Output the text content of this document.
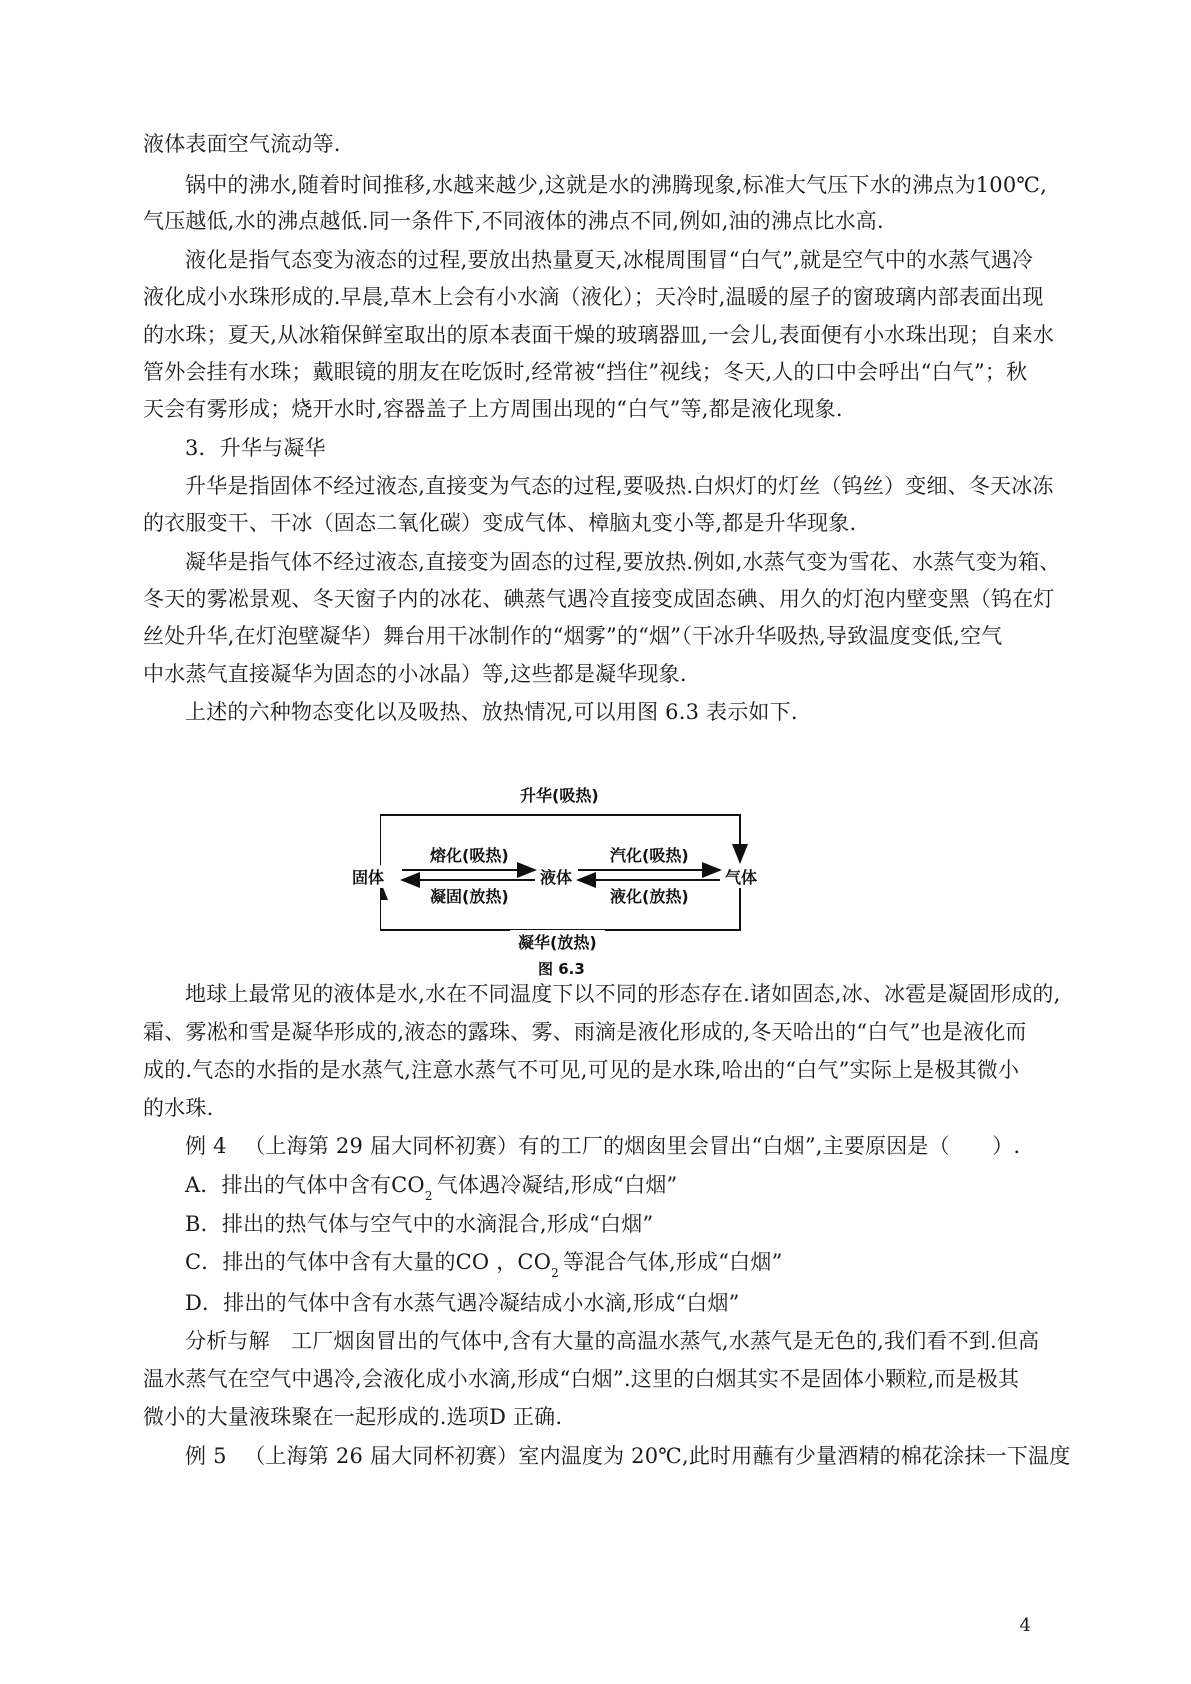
液体表面空气流动等.
锅中的沸水,随着时间推移,水越来越少,这就是水的沸腾现象,标准大气压下水的沸点为100℃,
气压越低,水的沸点越低.同一条件下,不同液体的沸点不同,例如,油的沸点比水高.
液化是指气态变为液态的过程,要放出热量夏天,冰棍周围冒“白气”,就是空气中的水蒸气遇冷
液化成小水珠形成的.早晨,草木上会有小水滴（液化）；天冷时,温暖的屋子的窗玻璃内部表面出现
的水珠；夏天,从冰箱保鲜室取出的原本表面干燥的玻璃器皿,一会儿,表面便有小水珠出现；自来水
管外会挂有水珠；戴眼镜的朋友在吃饭时,经常被“挡住”视线；冬天,人的口中会呼出“白气”；秋
天会有雾形成；烧开水时,容器盖子上方周围出现的“白气”等,都是液化现象.
3．升华与凝华
升华是指固体不经过液态,直接变为气态的过程,要吸热.白炽灯的灯丝（钨丝）变细、冬天冰冻
的衣服变干、干冰（固态二氧化碳）变成气体、樟脑丸变小等,都是升华现象.
凝华是指气体不经过液态,直接变为固态的过程,要放热.例如,水蒸气变为雪花、水蒸气变为箱、
冬天的雾凇景观、冬天窗子内的冰花、碘蒸气遇冷直接变成固态碘、用久的灯泡内壁变黑（钨在灯
丝处升华,在灯泡壁凝华）舞台用干冰制作的“烟雾”的“烟”（干冰升华吸热,导致温度变低,空气
中水蒸气直接凝华为固态的小冰晶）等,这些都是凝华现象.
上述的六种物态变化以及吸热、放热情况,可以用图 6.3 表示如下.
升华(吸热)
固体	液体	气体
熔化(吸热)
凝固(放热)
汽化(吸热)
液化(放热)
凝华(放热)
图 6.3
地球上最常见的液体是水,水在不同温度下以不同的形态存在.诸如固态,冰、冰雹是凝固形成的,
霜、雾凇和雪是凝华形成的,液态的露珠、雾、雨滴是液化形成的,冬天哈出的“白气”也是液化而
成的.气态的水指的是水蒸气,注意水蒸气不可见,可见的是水珠,哈出的“白气”实际上是极其微小
的水珠.
例 4 　（上海第 29 届大同杯初赛）有的工厂的烟囱里会冒出“白烟”,主要原因是（　　）.
A．排出的气体中含有$CO_2$ 气体遇冷凝结,形成“白烟”
B．排出的热气体与空气中的水滴混合,形成“白烟”
C．排出的气体中含有大量的CO ，$CO_2$ 等混合气体,形成“白烟”
D．排出的气体中含有水蒸气遇冷凝结成小水滴,形成“白烟”
分析与解　工厂烟囱冒出的气体中,含有大量的高温水蒸气,水蒸气是无色的,我们看不到.但高
温水蒸气在空气中遇冷,会液化成小水滴,形成“白烟”.这里的白烟其实不是固体小颗粒,而是极其
微小的大量液珠聚在一起形成的.选项D 正确.
例 5 　（上海第 26 届大同杯初赛）室内温度为 20℃,此时用蘸有少量酒精的棉花涂抹一下温度
4
